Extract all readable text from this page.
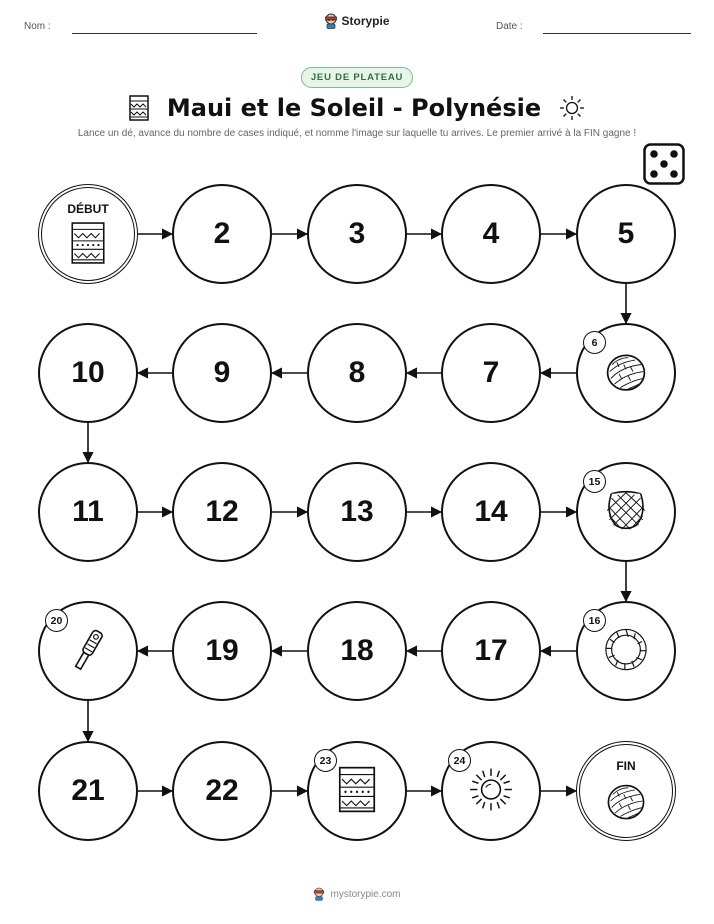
Nom :	Storypie	Date :
JEU DE PLATEAU
Maui et le Soleil - Polynésie
Lance un dé, avance du nombre de cases indiqué, et nomme l'image sur laquelle tu arrives. Le premier arrivé à la FIN gagne !
DÉBUT
2	3	4	5
6
7
8
9
10
11	12	13	14
15
16
17
18
19
20
21	22
23	24	FIN
mystorypie.com
